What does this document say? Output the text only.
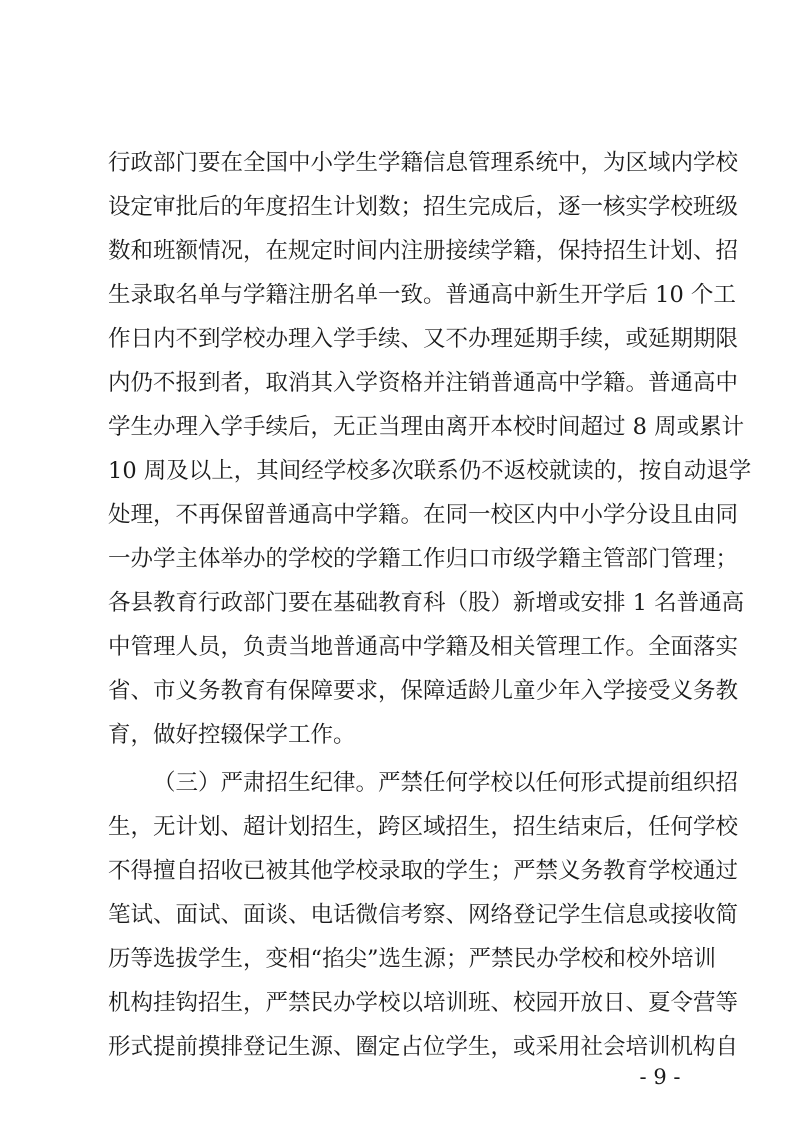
行政部门要在全国中小学生学籍信息管理系统中，为区域内学校
设定审批后的年度招生计划数；招生完成后，逐一核实学校班级
数和班额情况，在规定时间内注册接续学籍，保持招生计划、招
生录取名单与学籍注册名单一致。普通高中新生开学后 10 个工
作日内不到学校办理入学手续、又不办理延期手续，或延期期限
内仍不报到者，取消其入学资格并注销普通高中学籍。普通高中
学生办理入学手续后，无正当理由离开本校时间超过 8 周或累计
10 周及以上，其间经学校多次联系仍不返校就读的，按自动退学
处理，不再保留普通高中学籍。在同一校区内中小学分设且由同
一办学主体举办的学校的学籍工作归口市级学籍主管部门管理；
各县教育行政部门要在基础教育科（股）新增或安排 1 名普通高
中管理人员，负责当地普通高中学籍及相关管理工作。全面落实
省、市义务教育有保障要求，保障适龄儿童少年入学接受义务教
育，做好控辍保学工作。
（三）严肃招生纪律。严禁任何学校以任何形式提前组织招
生，无计划、超计划招生，跨区域招生，招生结束后，任何学校
不得擅自招收已被其他学校录取的学生；严禁义务教育学校通过
笔试、面试、面谈、电话微信考察、网络登记学生信息或接收简
历等选拔学生，变相“掐尖”选生源；严禁民办学校和校外培训
机构挂钩招生，严禁民办学校以培训班、校园开放日、夏令营等
形式提前摸排登记生源、圈定占位学生，或采用社会培训机构自
- 9 -
